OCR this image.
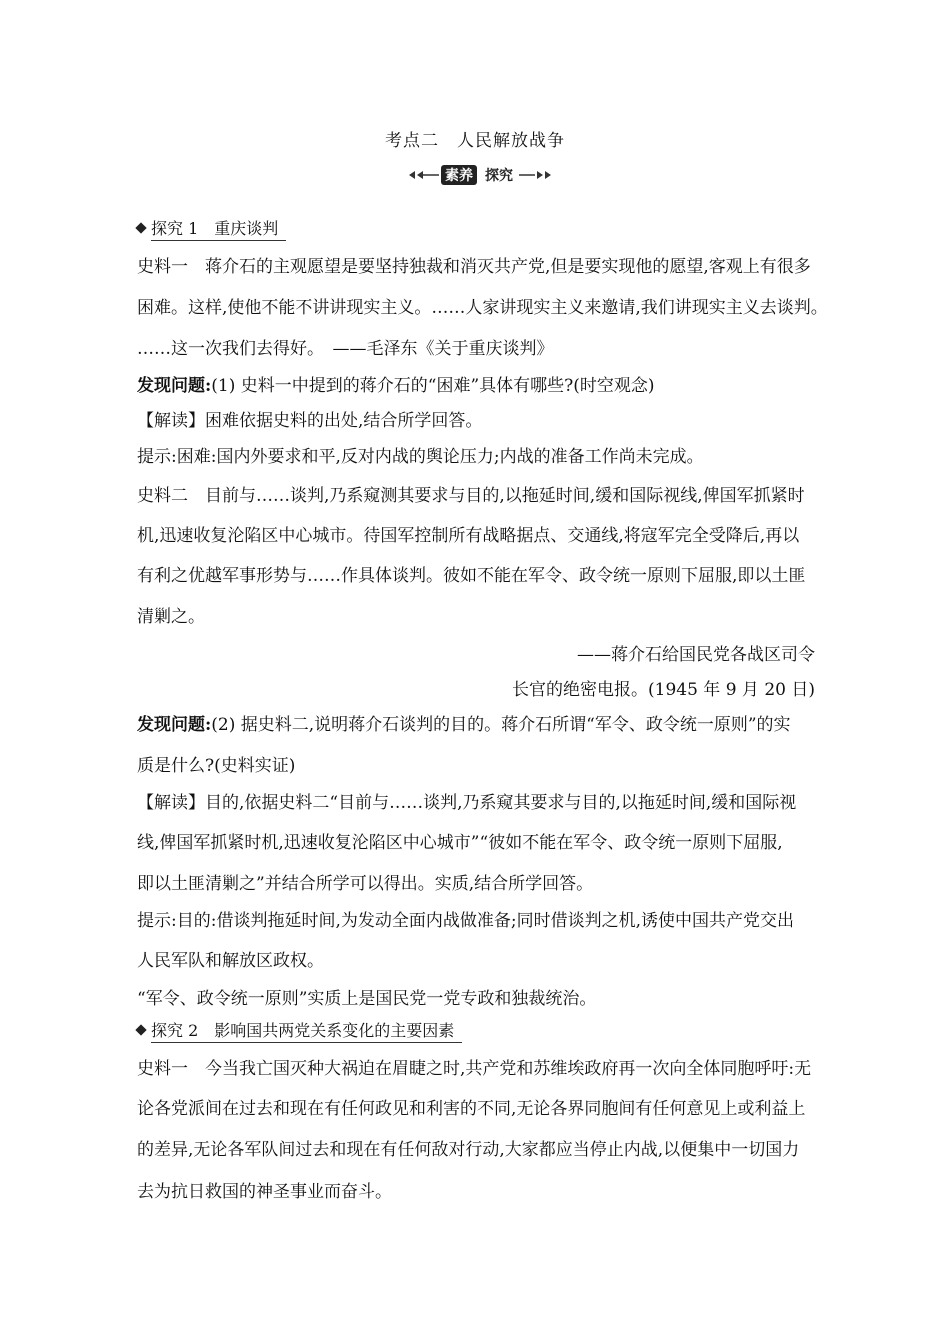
考点二　人民解放战争
素养 探究
探究 1　重庆谈判
史料一　蒋介石的主观愿望是要坚持独裁和消灭共产党,但是要实现他的愿望,客观上有很多
困难。这样,使他不能不讲讲现实主义。……人家讲现实主义来邀请,我们讲现实主义去谈判。
……这一次我们去得好。　——毛泽东《关于重庆谈判》
发现问题:(1) 史料一中提到的蒋介石的“困难”具体有哪些?(时空观念)
【解读】困难依据史料的出处,结合所学回答。
提示:困难:国内外要求和平,反对内战的舆论压力;内战的准备工作尚未完成。
史料二　目前与……谈判,乃系窥测其要求与目的,以拖延时间,缓和国际视线,俾国军抓紧时
机,迅速收复沦陷区中心城市。待国军控制所有战略据点、交通线,将寇军完全受降后,再以
有利之优越军事形势与……作具体谈判。彼如不能在军令、政令统一原则下屈服,即以土匪
清剿之。
——蒋介石给国民党各战区司令
长官的绝密电报。(1945 年 9 月 20 日)
发现问题:(2) 据史料二,说明蒋介石谈判的目的。蒋介石所谓“军令、政令统一原则”的实
质是什么?(史料实证)
【解读】目的,依据史料二“目前与……谈判,乃系窥其要求与目的,以拖延时间,缓和国际视
线,俾国军抓紧时机,迅速收复沦陷区中心城市”“彼如不能在军令、政令统一原则下屈服,
即以土匪清剿之”并结合所学可以得出。实质,结合所学回答。
提示:目的:借谈判拖延时间,为发动全面内战做准备;同时借谈判之机,诱使中国共产党交出
人民军队和解放区政权。
“军令、政令统一原则”实质上是国民党一党专政和独裁统治。
探究 2　影响国共两党关系变化的主要因素
史料一　今当我亡国灭种大祸迫在眉睫之时,共产党和苏维埃政府再一次向全体同胞呼吁:无
论各党派间在过去和现在有任何政见和利害的不同,无论各界同胞间有任何意见上或利益上
的差异,无论各军队间过去和现在有任何敌对行动,大家都应当停止内战,以便集中一切国力
去为抗日救国的神圣事业而奋斗。
